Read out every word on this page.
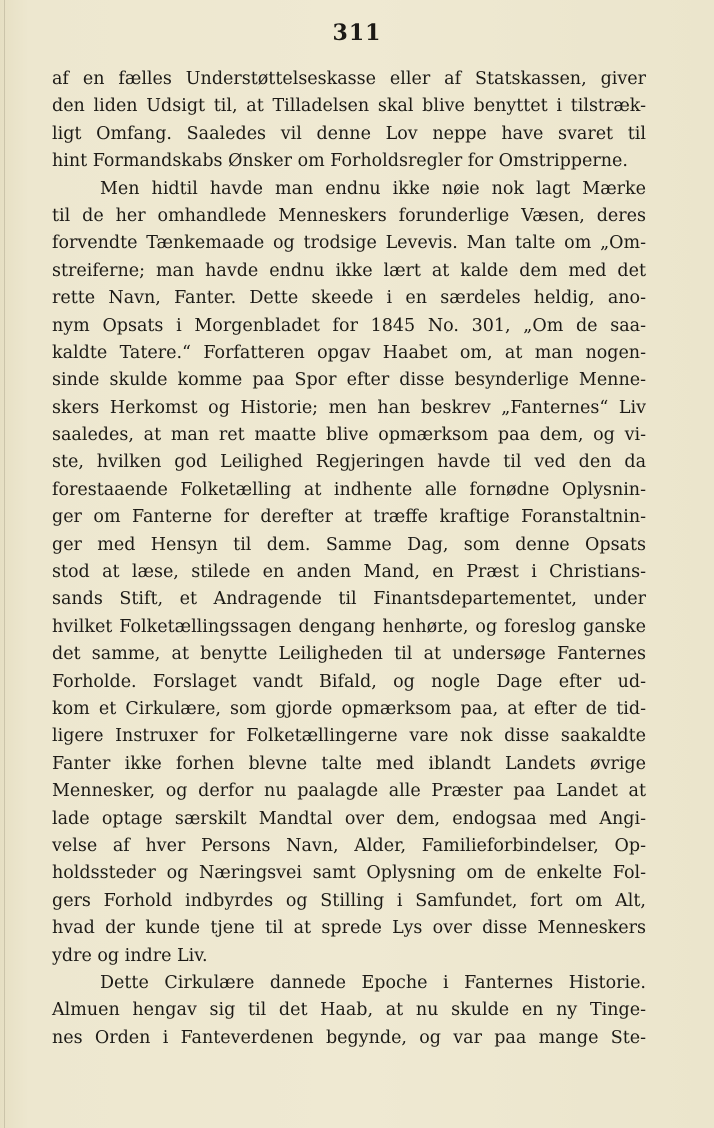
311
af en fælles Understøttelseskasse eller af Statskassen, giver
den liden Udsigt til, at Tilladelsen skal blive benyttet i tilstræk-
ligt Omfang. Saaledes vil denne Lov neppe have svaret til
hint Formandskabs Ønsker om Forholdsregler for Omstripperne.
Men hidtil havde man endnu ikke nøie nok lagt Mærke
til de her omhandlede Menneskers forunderlige Væsen, deres
forvendte Tænkemaade og trodsige Levevis. Man talte om „Om-
streiferne; man havde endnu ikke lært at kalde dem med det
rette Navn, Fanter. Dette skeede i en særdeles heldig, ano-
nym Opsats i Morgenbladet for 1845 No. 301, „Om de saa-
kaldte Tatere.“ Forfatteren opgav Haabet om, at man nogen-
sinde skulde komme paa Spor efter disse besynderlige Menne-
skers Herkomst og Historie; men han beskrev „Fanternes“ Liv
saaledes, at man ret maatte blive opmærksom paa dem, og vi-
ste, hvilken god Leilighed Regjeringen havde til ved den da
forestaaende Folketælling at indhente alle fornødne Oplysnin-
ger om Fanterne for derefter at træffe kraftige Foranstaltnin-
ger med Hensyn til dem. Samme Dag, som denne Opsats
stod at læse, stilede en anden Mand, en Præst i Christians-
sands Stift, et Andragende til Finantsdepartementet, under
hvilket Folketællingssagen dengang henhørte, og foreslog ganske
det samme, at benytte Leiligheden til at undersøge Fanternes
Forholde. Forslaget vandt Bifald, og nogle Dage efter ud-
kom et Cirkulære, som gjorde opmærksom paa, at efter de tid-
ligere Instruxer for Folketællingerne vare nok disse saakaldte
Fanter ikke forhen blevne talte med iblandt Landets øvrige
Mennesker, og derfor nu paalagde alle Præster paa Landet at
lade optage særskilt Mandtal over dem, endogsaa med Angi-
velse af hver Persons Navn, Alder, Familieforbindelser, Op-
holdssteder og Næringsvei samt Oplysning om de enkelte Fol-
gers Forhold indbyrdes og Stilling i Samfundet, fort om Alt,
hvad der kunde tjene til at sprede Lys over disse Menneskers
ydre og indre Liv.
Dette Cirkulære dannede Epoche i Fanternes Historie.
Almuen hengav sig til det Haab, at nu skulde en ny Tinge-
nes Orden i Fanteverdenen begynde, og var paa mange Ste-
